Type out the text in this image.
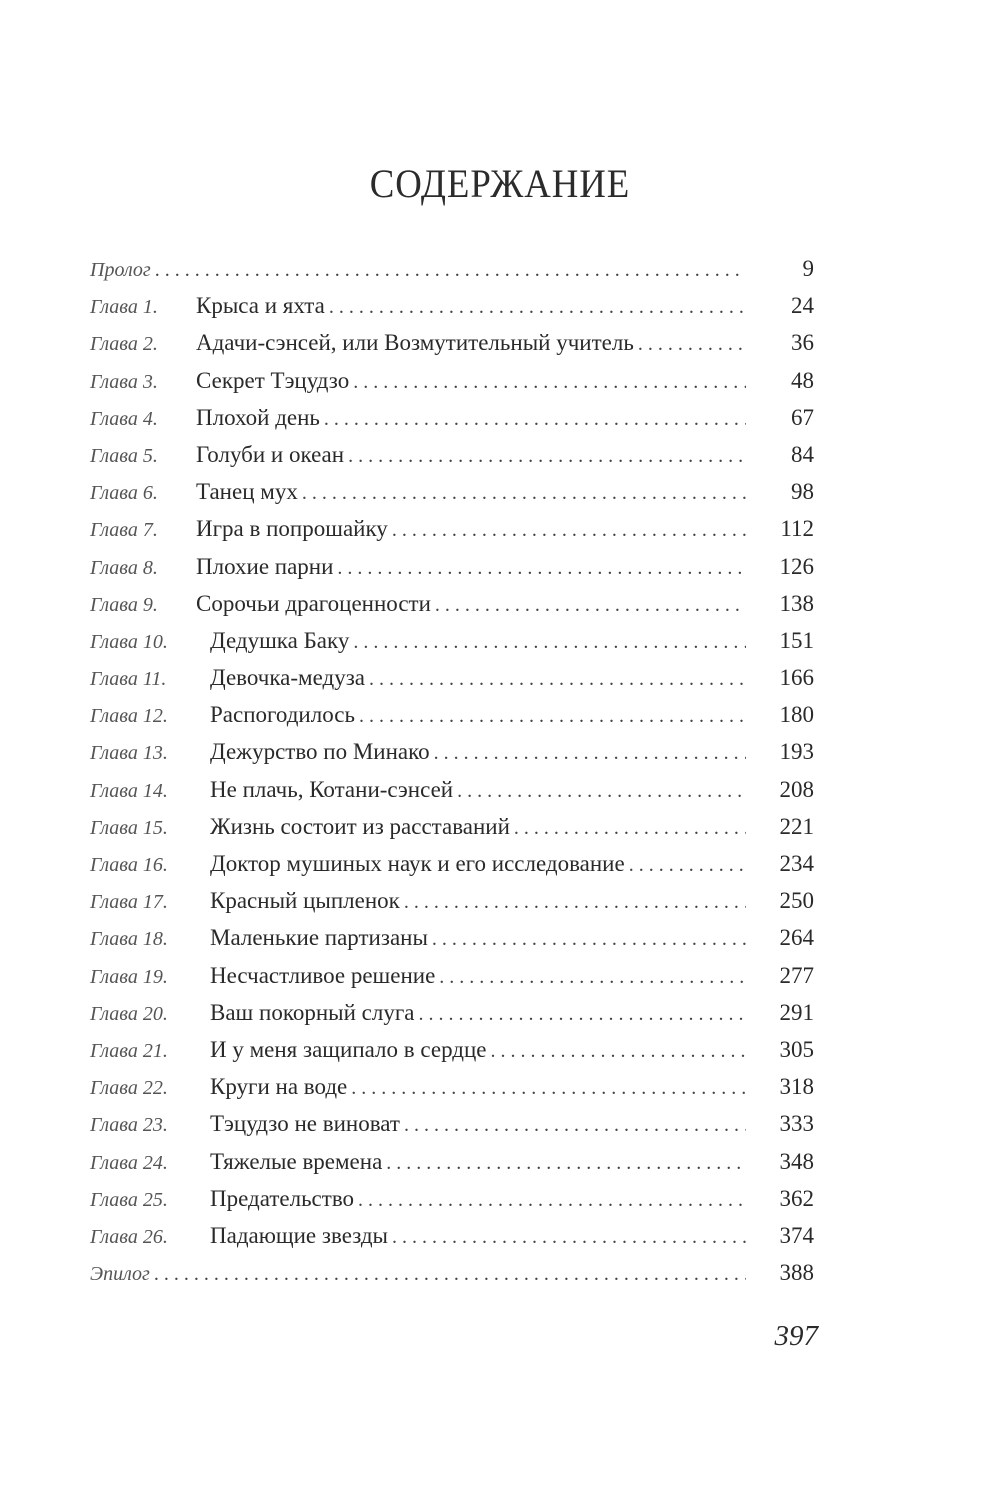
СОДЕРЖАНИЕ
Пролог . . .	9
Глава 1.	Крыса и яхта . . .	24
Глава 2.	Адачи-сэнсей, или Возмутительный учитель . . .	36
Глава 3.	Секрет Тэцудзо . . .	48
Глава 4.	Плохой день . . .	67
Глава 5.	Голуби и океан . . .	84
Глава 6.	Танец мух . . .	98
Глава 7.	Игра в попрошайку . . .	112
Глава 8.	Плохие парни . . .	126
Глава 9.	Сорочьи драгоценности . . .	138
Глава 10.	Дедушка Баку . . .	151
Глава 11.	Девочка-медуза . . .	166
Глава 12.	Распогодилось . . .	180
Глава 13.	Дежурство по Минако . . .	193
Глава 14.	Не плачь, Котани-сэнсей . . .	208
Глава 15.	Жизнь состоит из расставаний . . .	221
Глава 16.	Доктор мушиных наук и его исследование . . .	234
Глава 17.	Красный цыпленок . . .	250
Глава 18.	Маленькие партизаны . . .	264
Глава 19.	Несчастливое решение . . .	277
Глава 20.	Ваш покорный слуга . . .	291
Глава 21.	И у меня защипало в сердце . . .	305
Глава 22.	Круги на воде . . .	318
Глава 23.	Тэцудзо не виноват . . .	333
Глава 24.	Тяжелые времена . . .	348
Глава 25.	Предательство . . .	362
Глава 26.	Падающие звезды . . .	374
Эпилог . . .	388
397
